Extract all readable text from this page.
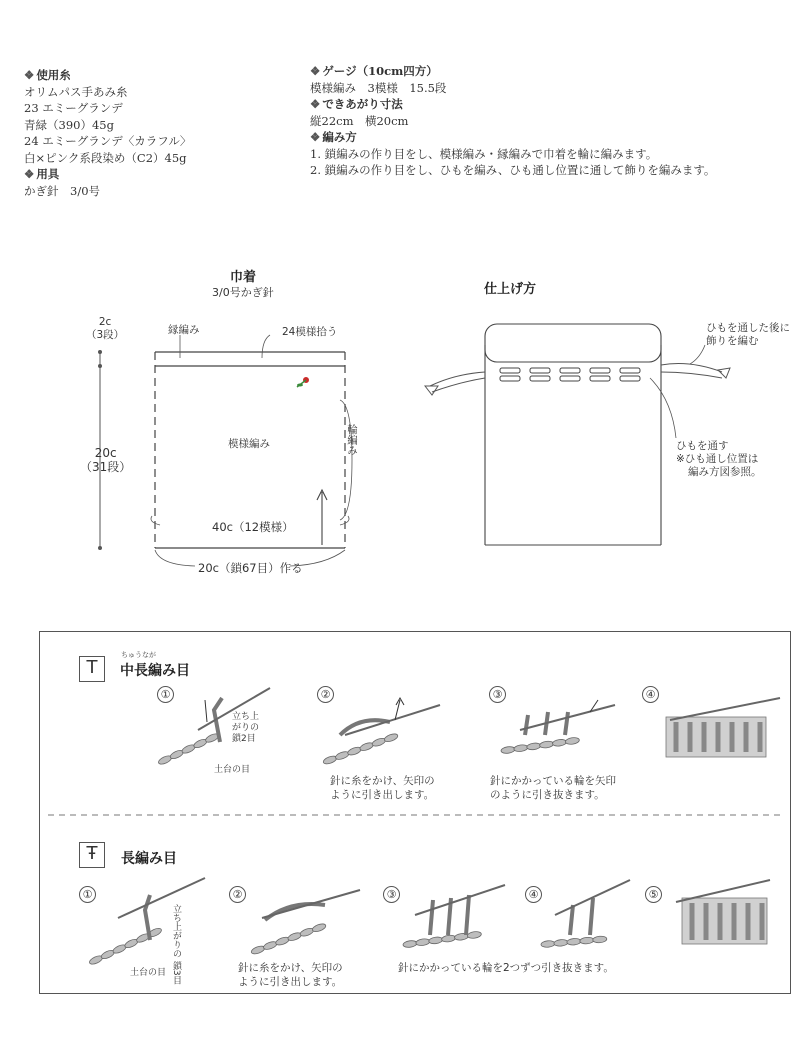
❖ 使用糸
オリムパス手あみ糸
23 エミーグランデ
青緑（390）45g
24 エミーグランデ〈カラフル〉
白×ピンク系段染め（C2）45g
❖ 用具
かぎ針　3/0号
❖ ゲージ（10cm四方）
模様編み　3模様　15.5段
❖ できあがり寸法
縦22cm　横20cm
❖ 編み方
1. 鎖編みの作り目をし、模様編み・縁編みで巾着を輪に編みます。
2. 鎖編みの作り目をし、ひもを編み、ひも通し位置に通して飾りを編みます。
巾着
3/0号かぎ針
2c
（3段）
20c
（31段）
縁編み	24模様拾う
模様編み	輪編み
40c（12模様）
20c（鎖67目）作る
仕上げ方
ひもを通した後に
飾りを編む
ひもを通す
※ひも通し位置は
編み方図参照。
T
ちゅうなが
中長編み目
①	②	③	④
立ち上
がりの
鎖2目
土台の目
針に糸をかけ、矢印の
ように引き出します。
針にかかっている輪を矢印
のように引き抜きます。
Ŧ	長編み目
①	②	③	④	⑤
立ち上がりの 鎖3目
土台の目	針に糸をかけ、矢印の
ように引き出します。
針にかかっている輪を2つずつ引き抜きます。
